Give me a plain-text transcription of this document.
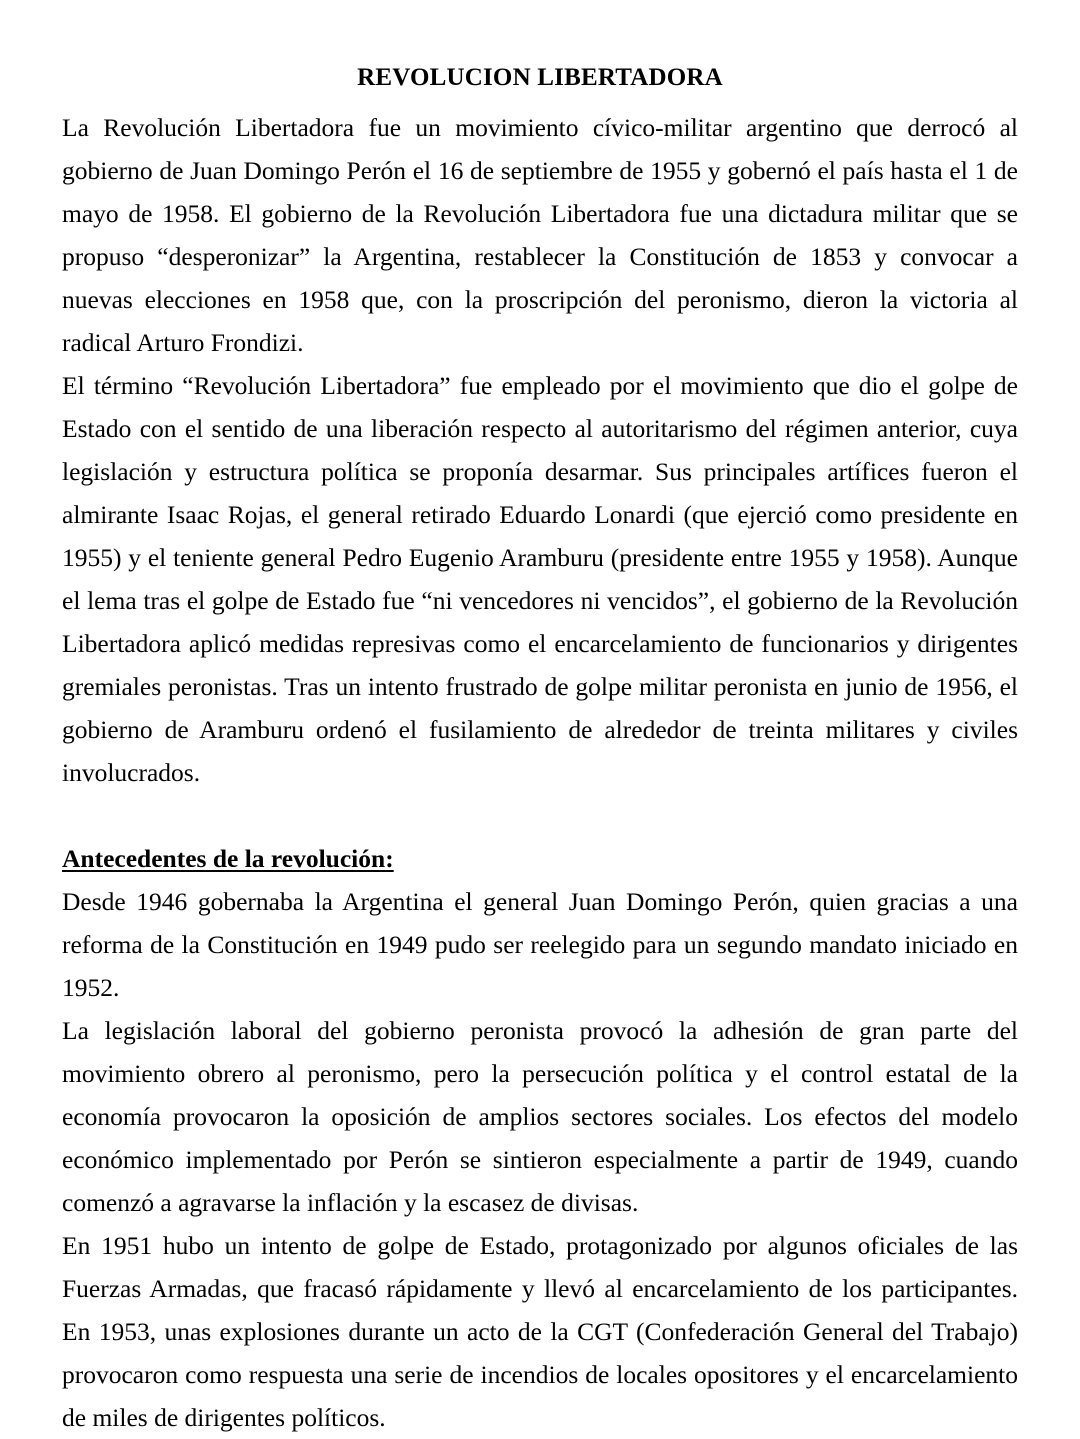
REVOLUCION LIBERTADORA

La Revolución Libertadora fue un movimiento cívico-militar argentino que derrocó al gobierno de Juan Domingo Perón el 16 de septiembre de 1955 y gobernó el país hasta el 1 de mayo de 1958. El gobierno de la Revolución Libertadora fue una dictadura militar que se propuso “desperonizar” la Argentina, restablecer la Constitución de 1853 y convocar a nuevas elecciones en 1958 que, con la proscripción del peronismo, dieron la victoria al radical Arturo Frondizi.

El término “Revolución Libertadora” fue empleado por el movimiento que dio el golpe de Estado con el sentido de una liberación respecto al autoritarismo del régimen anterior, cuya legislación y estructura política se proponía desarmar. Sus principales artífices fueron el almirante Isaac Rojas, el general retirado Eduardo Lonardi (que ejerció como presidente en 1955) y el teniente general Pedro Eugenio Aramburu (presidente entre 1955 y 1958). Aunque el lema tras el golpe de Estado fue “ni vencedores ni vencidos”, el gobierno de la Revolución Libertadora aplicó medidas represivas como el encarcelamiento de funcionarios y dirigentes gremiales peronistas. Tras un intento frustrado de golpe militar peronista en junio de 1956, el gobierno de Aramburu ordenó el fusilamiento de alrededor de treinta militares y civiles involucrados.

Antecedentes de la revolución:

Desde 1946 gobernaba la Argentina el general Juan Domingo Perón, quien gracias a una reforma de la Constitución en 1949 pudo ser reelegido para un segundo mandato iniciado en 1952.

La legislación laboral del gobierno peronista provocó la adhesión de gran parte del movimiento obrero al peronismo, pero la persecución política y el control estatal de la economía provocaron la oposición de amplios sectores sociales. Los efectos del modelo económico implementado por Perón se sintieron especialmente a partir de 1949, cuando comenzó a agravarse la inflación y la escasez de divisas.

En 1951 hubo un intento de golpe de Estado, protagonizado por algunos oficiales de las Fuerzas Armadas, que fracasó rápidamente y llevó al encarcelamiento de los participantes. En 1953, unas explosiones durante un acto de la CGT (Confederación General del Trabajo) provocaron como respuesta una serie de incendios de locales opositores y el encarcelamiento de miles de dirigentes políticos.
